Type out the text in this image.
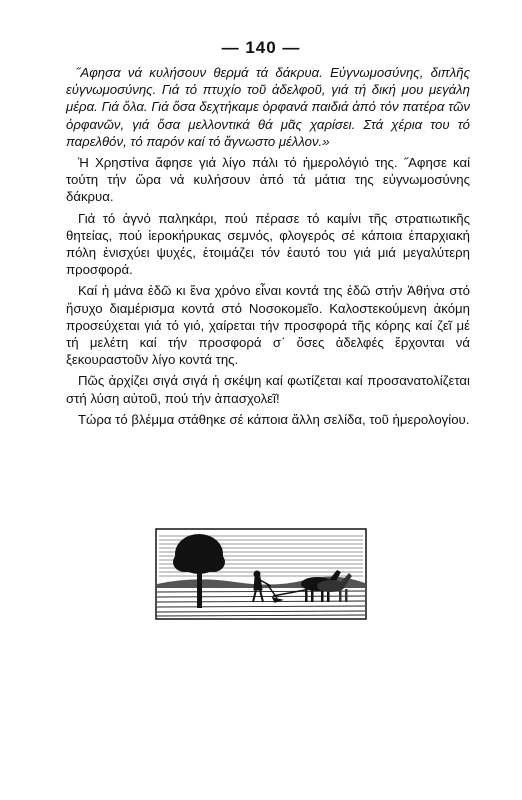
— 140 —

˝Αφησα νά κυλήσουν θερμά τά δάκρυα. Εὐγνωμοσύνης, διπλῆς εὐγνωμοσύνης. Γιά τό πτυχίο τοῦ ἀδελφοῦ, γιά τή δική μου μεγάλη μέρα. Γιά ὅλα. Γιά ὅσα δεχτήκαμε ὀρφανά παιδιά ἀπό τόν πατέρα τῶν ὀρφανῶν, γιά ὅσα μελλοντικά θά μᾶς χαρίσει. Στά χέρια του τό παρελθόν, τό παρόν καί τό ἄγνωστο μέλλον.»

Ἡ Χρηστίνα ἄφησε γιά λίγο πάλι τό ἡμερολόγιό της. ˝Αφησε καί τούτη τήν ὥρα νά κυλήσουν ἀπό τά μάτια της εὐγνωμοσύνης δάκρυα.

Γιά τό ἁγνό παληκάρι, πού πέρασε τό καμίνι τῆς στρατιωτικῆς θητείας, πού ἱεροκήρυκας σεμνός, φλογερός σέ κάποια ἐπαρχιακή πόλη ἐνισχύει ψυχές, ἑτοιμάζει τόν ἑαυτό του γιά μιά μεγαλύτερη προσφορά.

Καί ἡ μάνα ἐδῶ κι ἕνα χρόνο εἶναι κοντά της ἐδῶ στήν Ἀθήνα στό ἥσυχο διαμέρισμα κοντά στό Νοσοκομεῖο. Καλοστεκούμενη ἀκόμη προσεύχεται γιά τό γιό, χαίρεται τήν προσφορά τῆς κόρης καί ζεῖ μέ τή μελέτη καί τήν προσφορά σ᾽ ὅσες ἀδελφές ἔρχονται νά ξεκουραστοῦν λίγο κοντά της.

Πῶς ἀρχίζει σιγά σιγά ἡ σκέψη καί φωτίζεται καί προσανατολίζεται στή λύση αὐτοῦ, πού τήν ἀπασχολεῖ!

Τώρα τό βλέμμα στάθηκε σέ κάποια ἄλλη σελίδα, τοῦ ἡμερολογίου.
